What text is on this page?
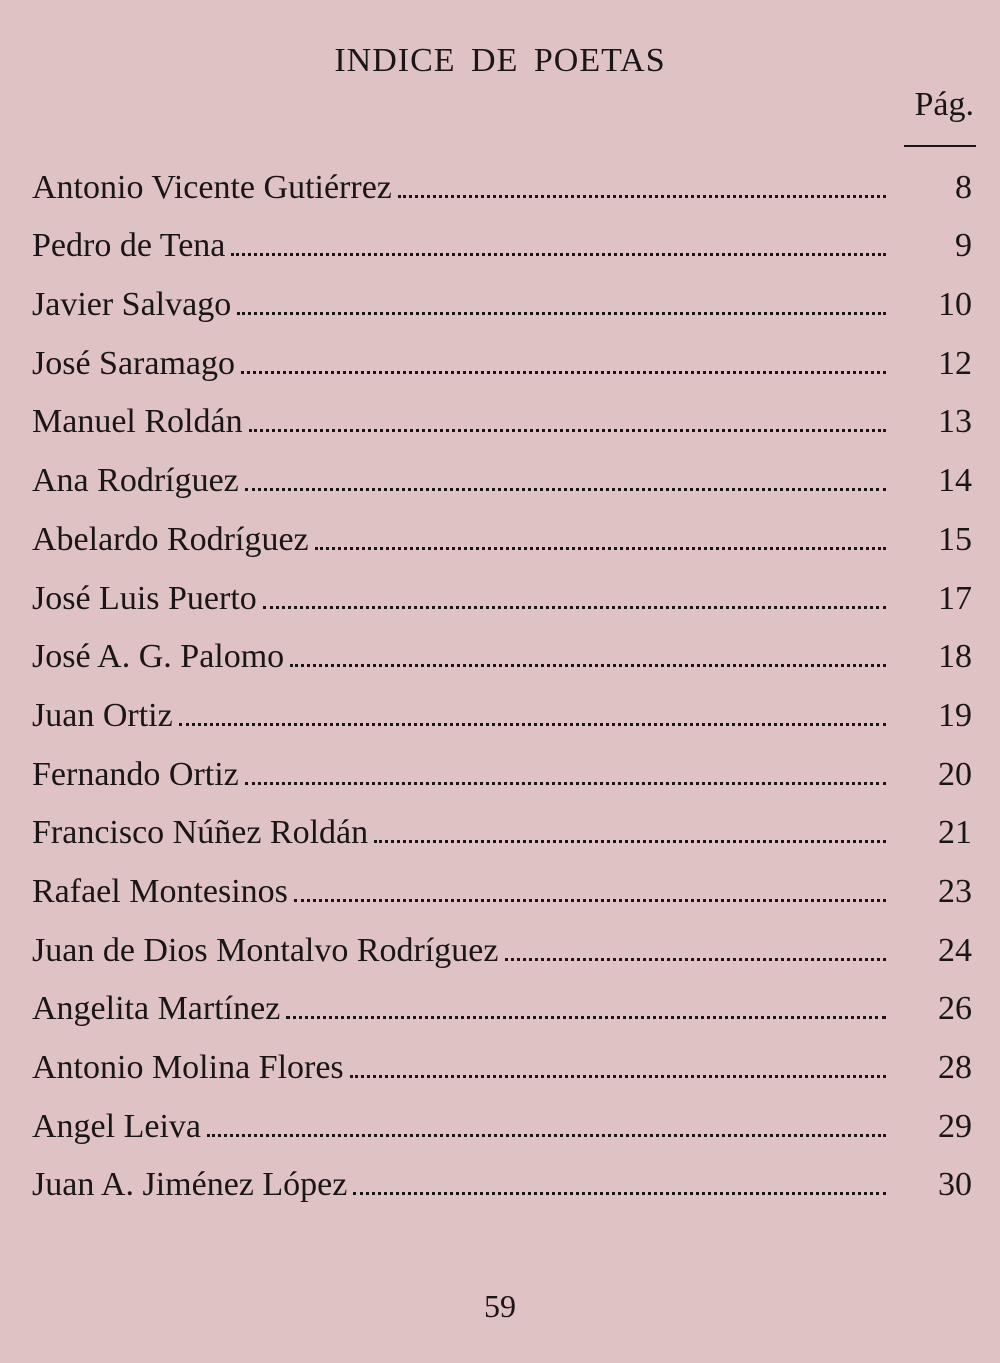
INDICE DE POETAS
Pág.
Antonio Vicente Gutiérrez	8
Pedro de Tena	9
Javier Salvago	10
José Saramago	12
Manuel Roldán	13
Ana Rodríguez	14
Abelardo Rodríguez	15
José Luis Puerto	17
José A. G. Palomo	18
Juan Ortiz	19
Fernando Ortiz	20
Francisco Núñez Roldán	21
Rafael Montesinos	23
Juan de Dios Montalvo Rodríguez	24
Angelita Martínez	26
Antonio Molina Flores	28
Angel Leiva	29
Juan A. Jiménez López	30
59
